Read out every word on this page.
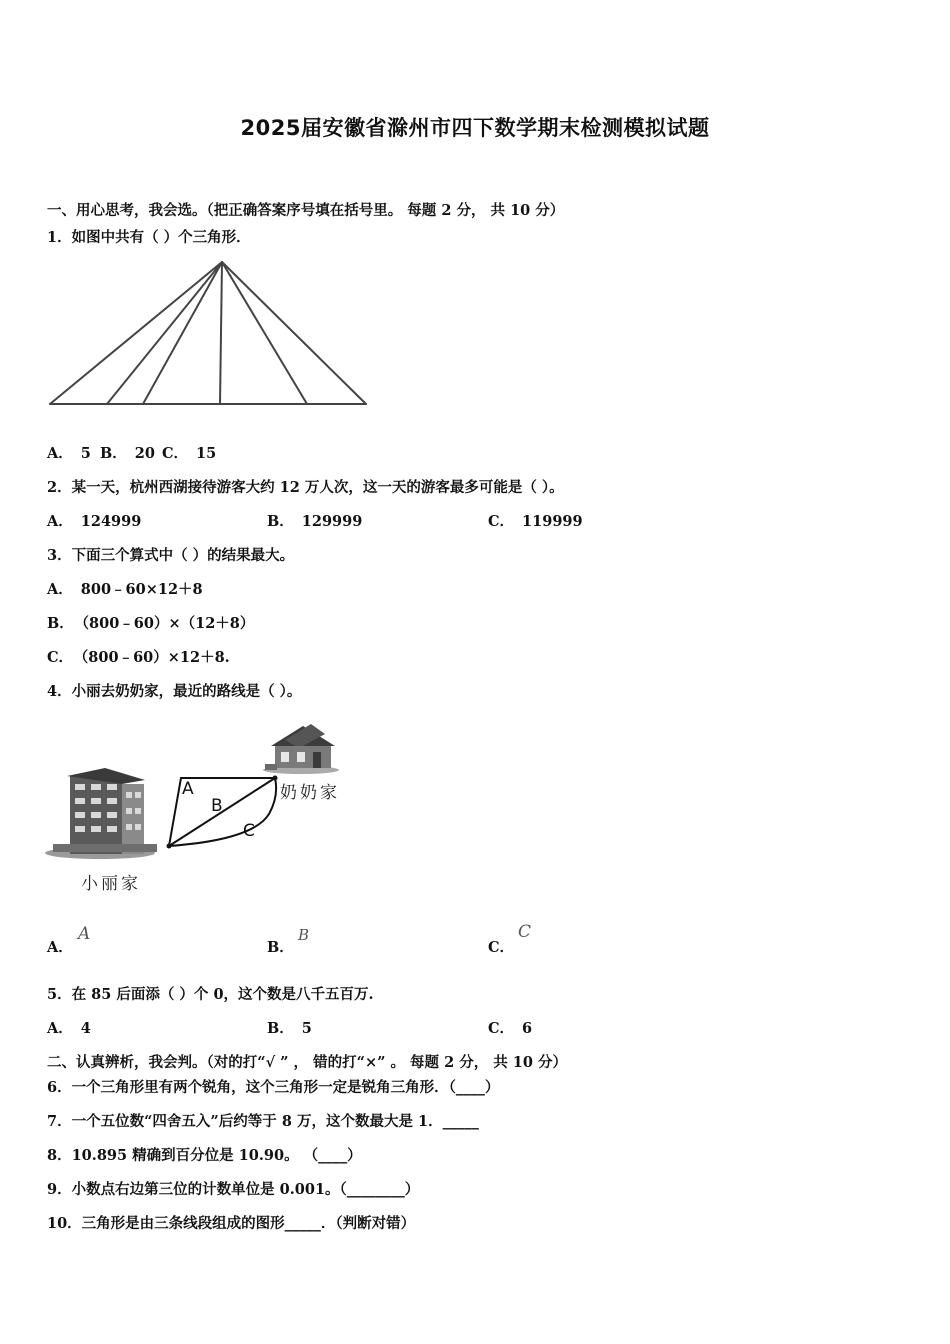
2025届安徽省滁州市四下数学期末检测模拟试题
一、用心思考，我会选。（把正确答案序号填在括号里。 每题 2 分， 共 10 分）
1．如图中共有（ ）个三角形．
A． 5 B． 20 C． 15
2．某一天，杭州西湖接待游客大约 12 万人次，这一天的游客最多可能是（ ）。
A． 124999	B． 129999	C． 119999
3．下面三个算式中（ ）的结果最大。
A． 800﹣60×12＋8
B． （800﹣60）×（12＋8）
C． （800﹣60）×12＋8.
4．小丽去奶奶家，最近的路线是（ ）。
A
B
C
奶奶家
小丽家
A．
A
B．
B
C．
C
5．在 85 后面添（ ）个 0，这个数是八千五百万.
A． 4	B． 5	C． 6
二、认真辨析，我会判。（对的打“√ ” ， 错的打“×” 。 每题 2 分， 共 10 分）
6．一个三角形里有两个锐角，这个三角形一定是锐角三角形．（____）
7．一个五位数“四舍五入”后约等于 8 万，这个数最大是 1．_____
8．10.895 精确到百分位是 10.90。 （____）
9．小数点右边第三位的计数单位是 0.001。（________）
10．三角形是由三条线段组成的图形_____．（判断对错）
